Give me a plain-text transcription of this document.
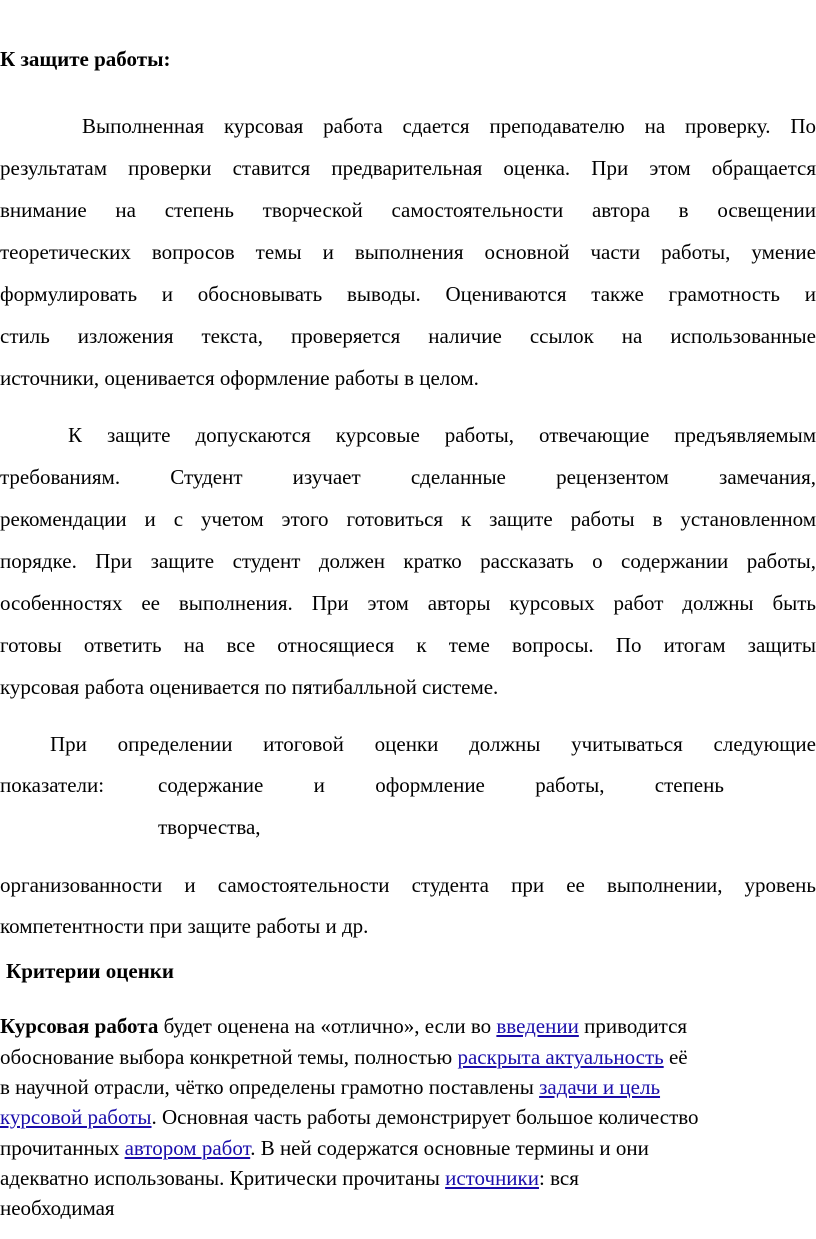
К защите работы:
Выполненная курсовая работа сдается преподавателю на проверку. По
результатам проверки ставится предварительная оценка. При этом обращается
внимание на степень творческой самостоятельности автора в освещении
теоретических вопросов темы и выполнения основной части работы, умение
формулировать и обосновывать выводы. Оцениваются также грамотность и
стиль изложения текста, проверяется наличие ссылок на использованные
источники, оценивается оформление работы в целом.
К защите допускаются курсовые работы, отвечающие предъявляемым
требованиям. Студент изучает сделанные рецензентом замечания,
рекомендации и с учетом этого готовиться к защите работы в установленном
порядке. При защите студент должен кратко рассказать о содержании работы,
особенностях ее выполнения. При этом авторы курсовых работ должны быть
готовы ответить на все относящиеся к теме вопросы. По итогам защиты
курсовая работа оценивается по пятибалльной системе.
При определении итоговой оценки должны учитываться следующие
показатели:	содержание и оформление работы, степень
творчества,
организованности и самостоятельности студента при ее выполнении, уровень
компетентности при защите работы и др.
Критерии оценки
Курсовая работа будет оценена на «отлично», если во введении приводится
обоснование выбора конкретной темы, полностью раскрыта актуальность её
в научной отрасли, чётко определены грамотно поставлены задачи и цель
курсовой работы. Основная часть работы демонстрирует большое количество
прочитанных автором работ. В ней содержатся основные термины и они
адекватно использованы. Критически прочитаны источники: вся
необходимая
